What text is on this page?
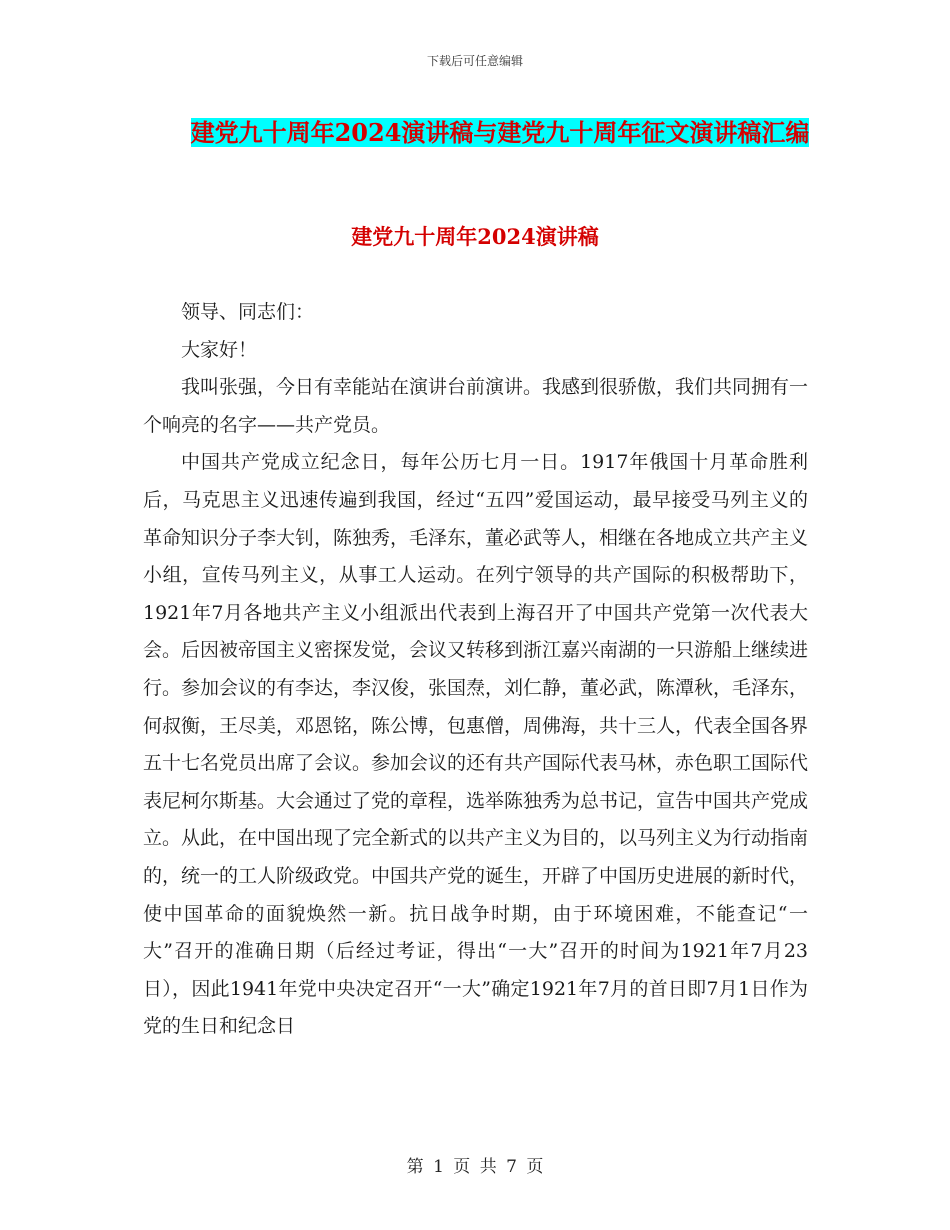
下载后可任意编辑
建党九十周年2024演讲稿与建党九十周年征文演讲稿汇编
建党九十周年2024演讲稿

领导、同志们：

大家好！

我叫张强，今日有幸能站在演讲台前演讲。我感到很骄傲，我们共同拥有一个响亮的名字——共产党员。

中国共产党成立纪念日，每年公历七月一日。1917年俄国十月革命胜利后，马克思主义迅速传遍到我国，经过“五四”爱国运动，最早接受马列主义的革命知识分子李大钊，陈独秀，毛泽东，董必武等人，相继在各地成立共产主义小组，宣传马列主义，从事工人运动。在列宁领导的共产国际的积极帮助下，1921年7月各地共产主义小组派出代表到上海召开了中国共产党第一次代表大会。后因被帝国主义密探发觉，会议又转移到浙江嘉兴南湖的一只游船上继续进行。参加会议的有李达，李汉俊，张国焘，刘仁静，董必武，陈潭秋，毛泽东，何叔衡，王尽美，邓恩铭，陈公博，包惠僧，周佛海，共十三人，代表全国各界五十七名党员出席了会议。参加会议的还有共产国际代表马林，赤色职工国际代表尼柯尔斯基。大会通过了党的章程，选举陈独秀为总书记，宣告中国共产党成立。从此，在中国出现了完全新式的以共产主义为目的，以马列主义为行动指南的，统一的工人阶级政党。中国共产党的诞生，开辟了中国历史进展的新时代，使中国革命的面貌焕然一新。抗日战争时期，由于环境困难，不能查记“一大”召开的准确日期（后经过考证，得出“一大”召开的时间为1921年7月23日），因此1941年党中央决定召开“一大”确定1921年7月的首日即7月1日作为党的生日和纪念日

第 1 页 共 7 页
